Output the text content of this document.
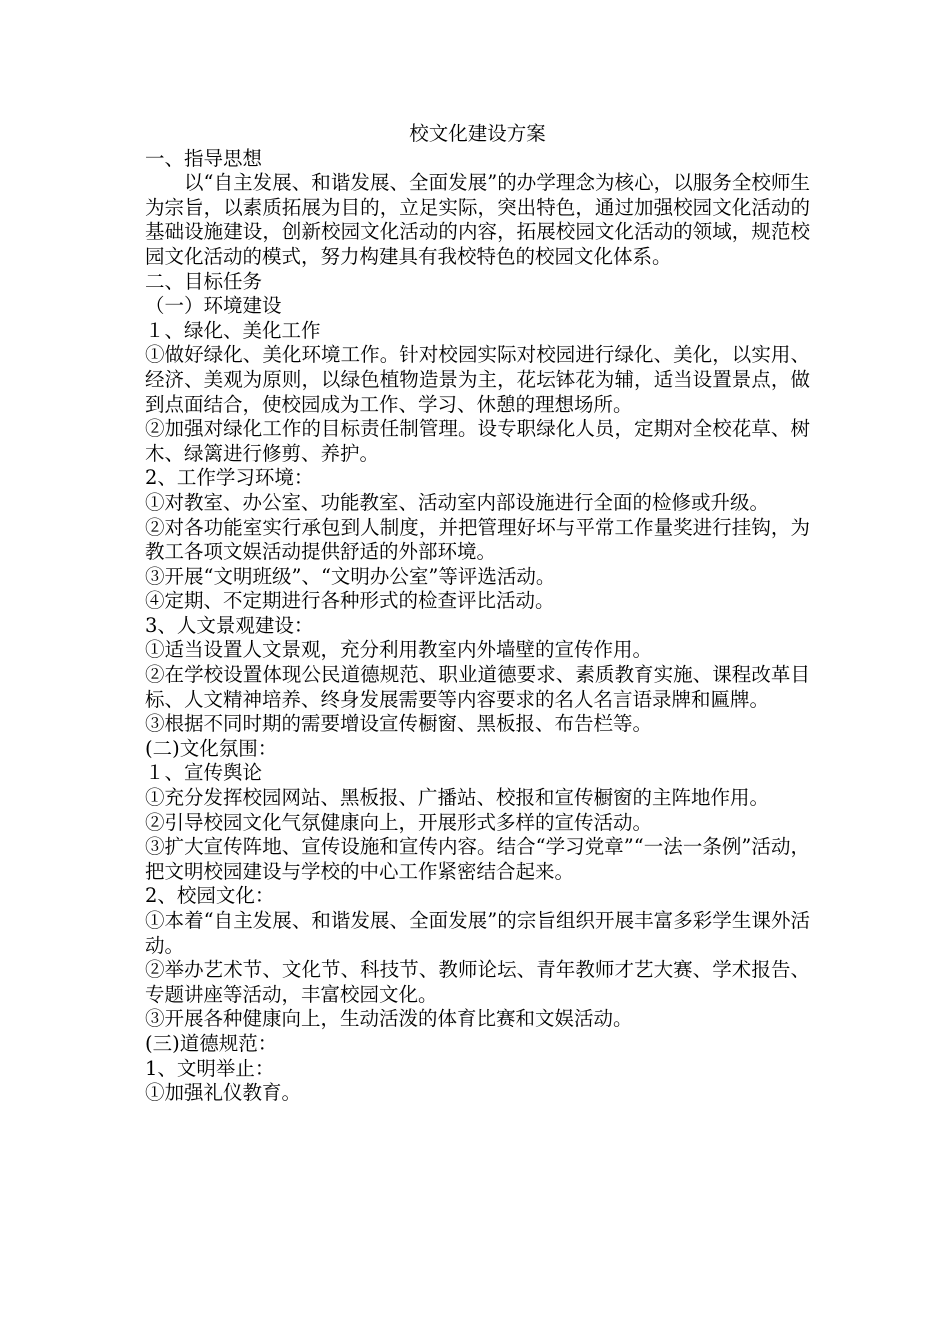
校文化建设方案

一、指导思想

以“自主发展、和谐发展、全面发展”的办学理念为核心，以服务全校师生为宗旨，以素质拓展为目的，立足实际，突出特色，通过加强校园文化活动的基础设施建设，创新校园文化活动的内容，拓展校园文化活动的领域，规范校园文化活动的模式，努力构建具有我校特色的校园文化体系。

二、目标任务

（一）环境建设

１、绿化、美化工作

①做好绿化、美化环境工作。针对校园实际对校园进行绿化、美化，以实用、经济、美观为原则，以绿色植物造景为主，花坛钵花为辅，适当设置景点，做到点面结合，使校园成为工作、学习、休憩的理想场所。

②加强对绿化工作的目标责任制管理。设专职绿化人员，定期对全校花草、树木、绿篱进行修剪、养护。

2、工作学习环境：

①对教室、办公室、功能教室、活动室内部设施进行全面的检修或升级。

②对各功能室实行承包到人制度，并把管理好坏与平常工作量奖进行挂钩，为教工各项文娱活动提供舒适的外部环境。

③开展“文明班级”、“文明办公室”等评选活动。

④定期、不定期进行各种形式的检查评比活动。

3、人文景观建设：

①适当设置人文景观，充分利用教室内外墙壁的宣传作用。

②在学校设置体现公民道德规范、职业道德要求、素质教育实施、课程改革目标、人文精神培养、终身发展需要等内容要求的名人名言语录牌和匾牌。

③根据不同时期的需要增设宣传橱窗、黑板报、布告栏等。

(二)文化氛围：

１、宣传舆论

①充分发挥校园网站、黑板报、广播站、校报和宣传橱窗的主阵地作用。

②引导校园文化气氛健康向上，开展形式多样的宣传活动。

③扩大宣传阵地、宣传设施和宣传内容。结合“学习党章”“一法一条例”活动，把文明校园建设与学校的中心工作紧密结合起来。

2、校园文化：

①本着“自主发展、和谐发展、全面发展”的宗旨组织开展丰富多彩学生课外活动。

②举办艺术节、文化节、科技节、教师论坛、青年教师才艺大赛、学术报告、专题讲座等活动，丰富校园文化。

③开展各种健康向上，生动活泼的体育比赛和文娱活动。

(三)道德规范：

1、文明举止：

①加强礼仪教育。
